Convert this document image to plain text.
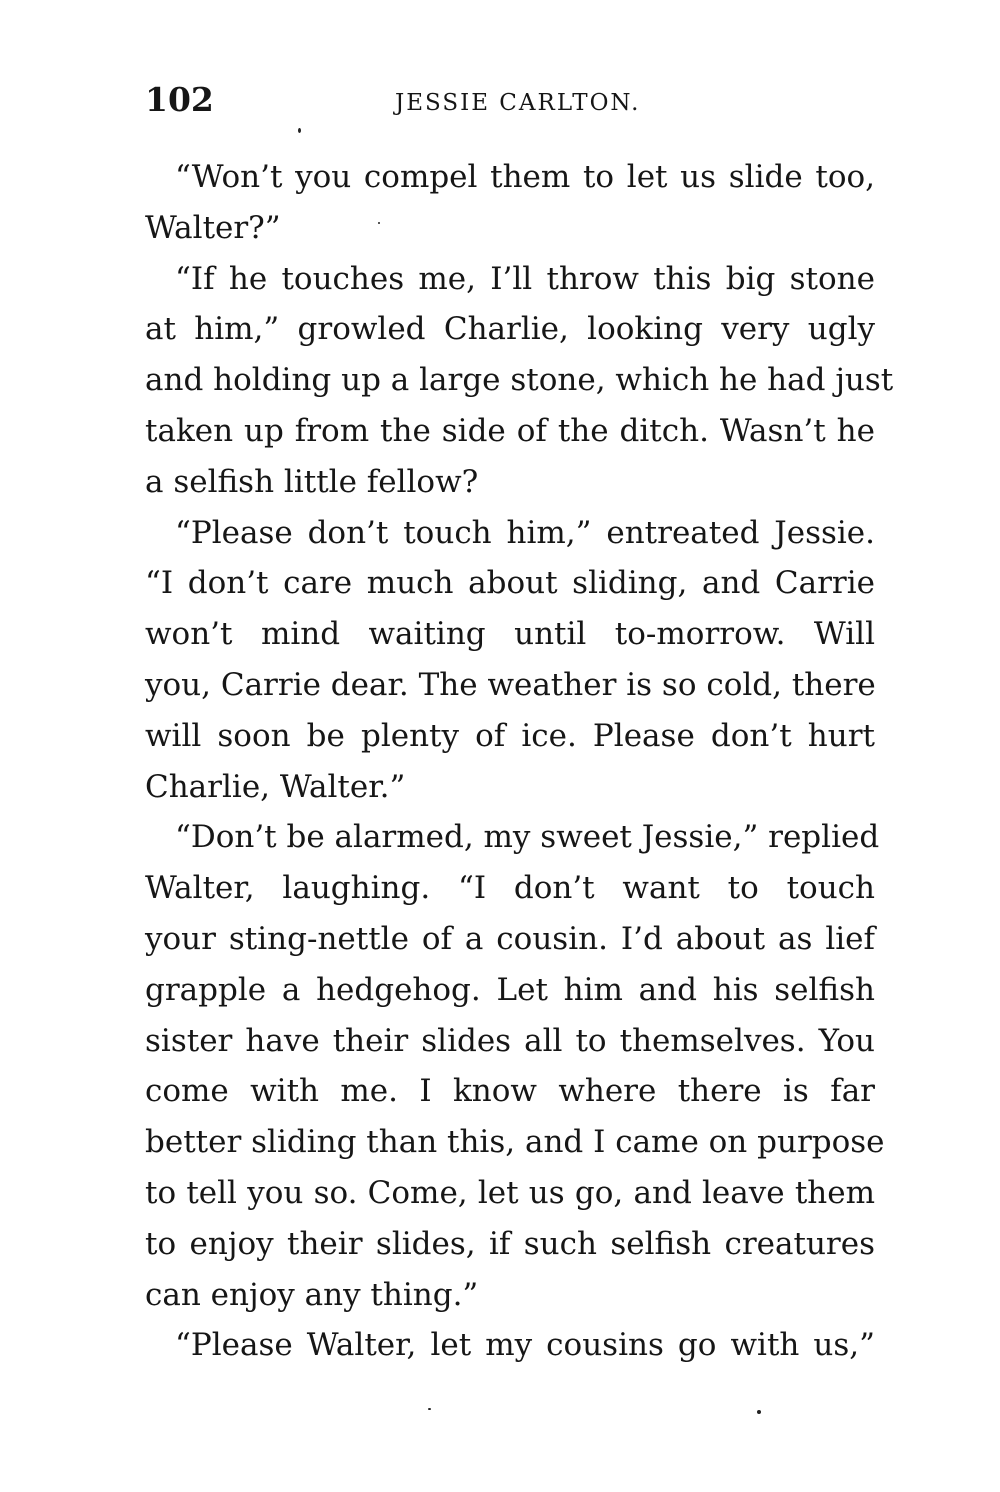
102	JESSIE CARLTON.
“Won’t you compel them to let us slide too,
Walter?”
“If he touches me, I’ll throw this big stone
at him,” growled Charlie, looking very ugly
and holding up a large stone, which he had just
taken up from the side of the ditch. Wasn’t he
a selfish little fellow?
“Please don’t touch him,” entreated Jessie.
“I don’t care much about sliding, and Carrie
won’t mind waiting until to-morrow. Will
you, Carrie dear. The weather is so cold, there
will soon be plenty of ice. Please don’t hurt
Charlie, Walter.”
“Don’t be alarmed, my sweet Jessie,” replied
Walter, laughing. “I don’t want to touch
your sting-nettle of a cousin. I’d about as lief
grapple a hedgehog. Let him and his selfish
sister have their slides all to themselves. You
come with me. I know where there is far
better sliding than this, and I came on purpose
to tell you so. Come, let us go, and leave them
to enjoy their slides, if such selfish creatures
can enjoy any thing.”
“Please Walter, let my cousins go with us,”
